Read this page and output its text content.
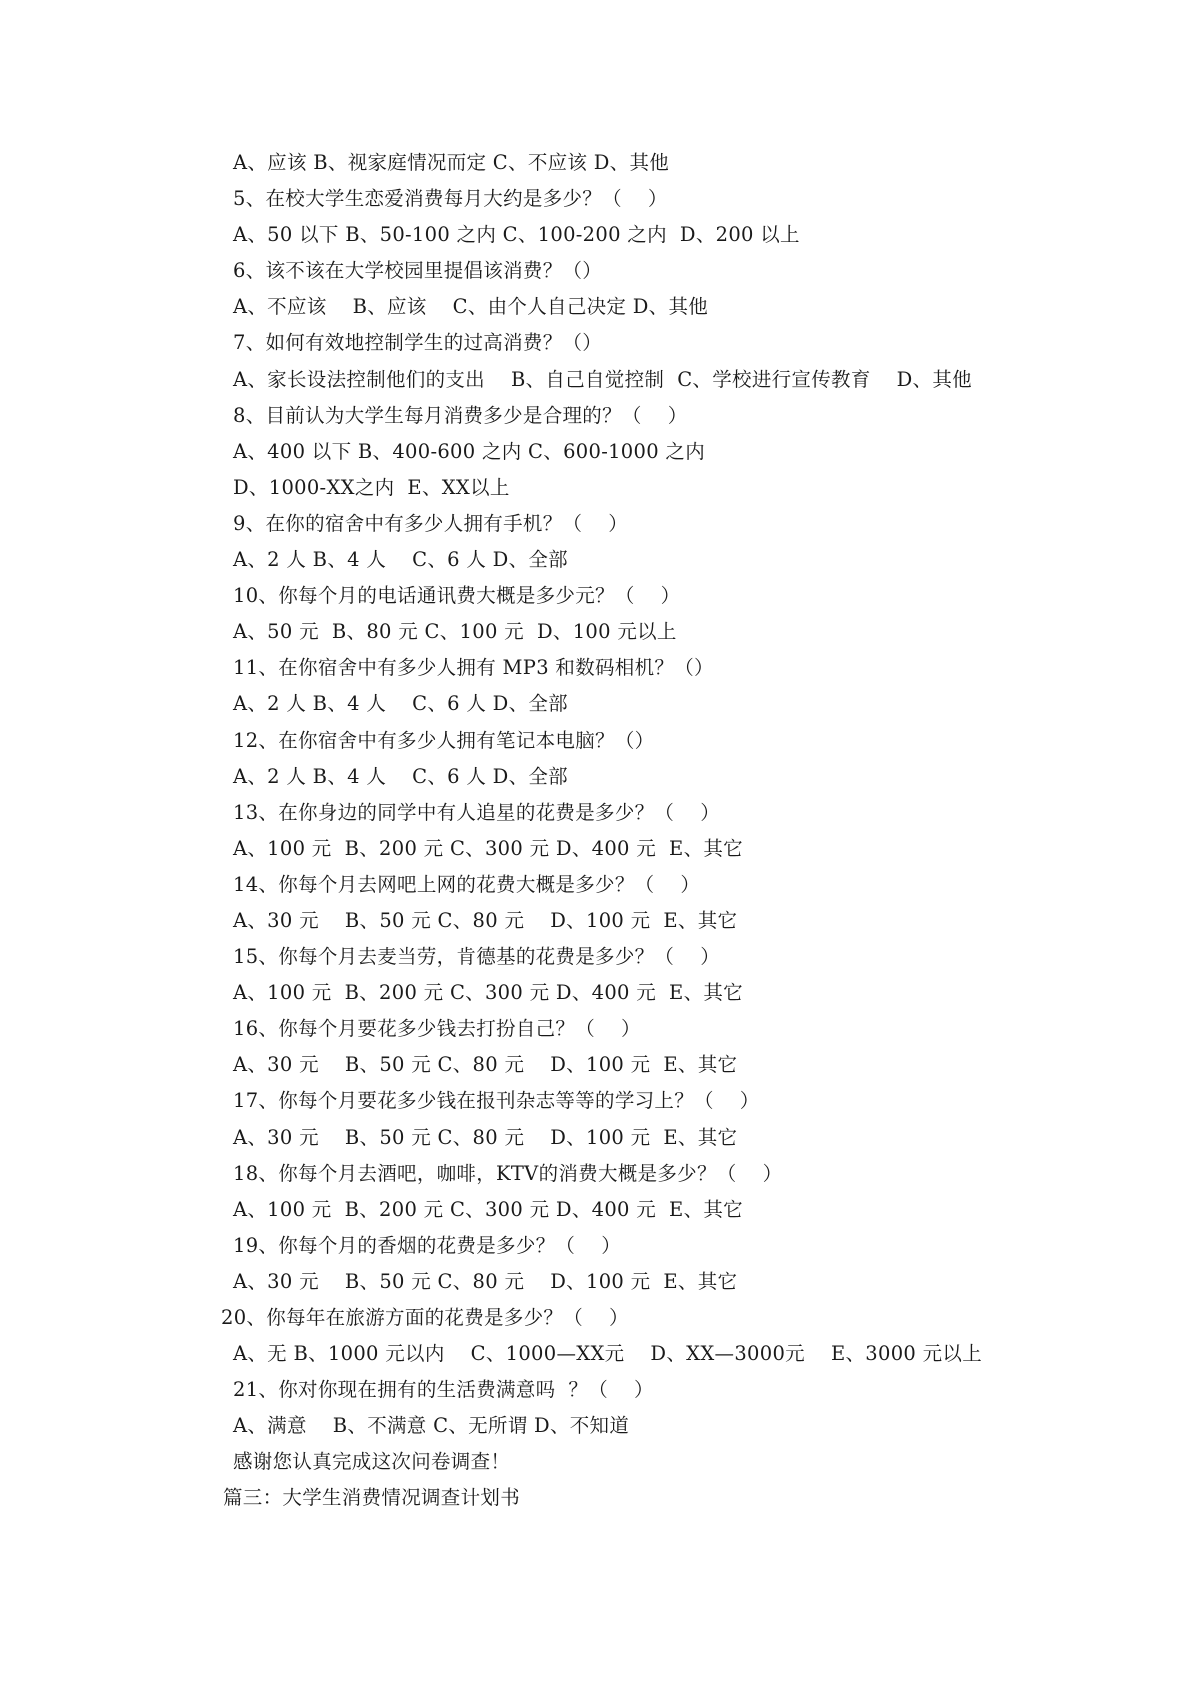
A、应该 B、视家庭情况而定 C、不应该 D、其他
5、在校大学生恋爱消费每月大约是多少？（    ）
A、50 以下 B、50-100 之内 C、100-200 之内  D、200 以上
6、该不该在大学校园里提倡该消费？（）
A、不应该    B、应该    C、由个人自己决定 D、其他
7、如何有效地控制学生的过高消费？（）
A、家长设法控制他们的支出    B、自己自觉控制  C、学校进行宣传教育    D、其他
8、目前认为大学生每月消费多少是合理的？（    ）
A、400 以下 B、400-600 之内 C、600-1000 之内
D、1000-XX之内  E、XX以上
9、在你的宿舍中有多少人拥有手机？（    ）
A、2 人 B、4 人    C、6 人 D、全部
10、你每个月的电话通讯费大概是多少元？（    ）
A、50 元  B、80 元 C、100 元  D、100 元以上
11、在你宿舍中有多少人拥有 MP3 和数码相机？（）
A、2 人 B、4 人    C、6 人 D、全部
12、在你宿舍中有多少人拥有笔记本电脑？（）
A、2 人 B、4 人    C、6 人 D、全部
13、在你身边的同学中有人追星的花费是多少？（    ）
A、100 元  B、200 元 C、300 元 D、400 元  E、其它
14、你每个月去网吧上网的花费大概是多少？（    ）
A、30 元    B、50 元 C、80 元    D、100 元  E、其它
15、你每个月去麦当劳，肯德基的花费是多少？（    ）
A、100 元  B、200 元 C、300 元 D、400 元  E、其它
16、你每个月要花多少钱去打扮自己？（    ）
A、30 元    B、50 元 C、80 元    D、100 元  E、其它
17、你每个月要花多少钱在报刊杂志等等的学习上？（    ）
A、30 元    B、50 元 C、80 元    D、100 元  E、其它
18、你每个月去酒吧，咖啡，KTV的消费大概是多少？（    ）
A、100 元  B、200 元 C、300 元 D、400 元  E、其它
19、你每个月的香烟的花费是多少？（    ）
A、30 元    B、50 元 C、80 元    D、100 元  E、其它
20、你每年在旅游方面的花费是多少？（    ）
A、无 B、1000 元以内    C、1000—XX元    D、XX—3000元    E、3000 元以上
21、你对你现在拥有的生活费满意吗  ？（    ）
A、满意    B、不满意 C、无所谓 D、不知道
感谢您认真完成这次问卷调查！
篇三：大学生消费情况调查计划书
